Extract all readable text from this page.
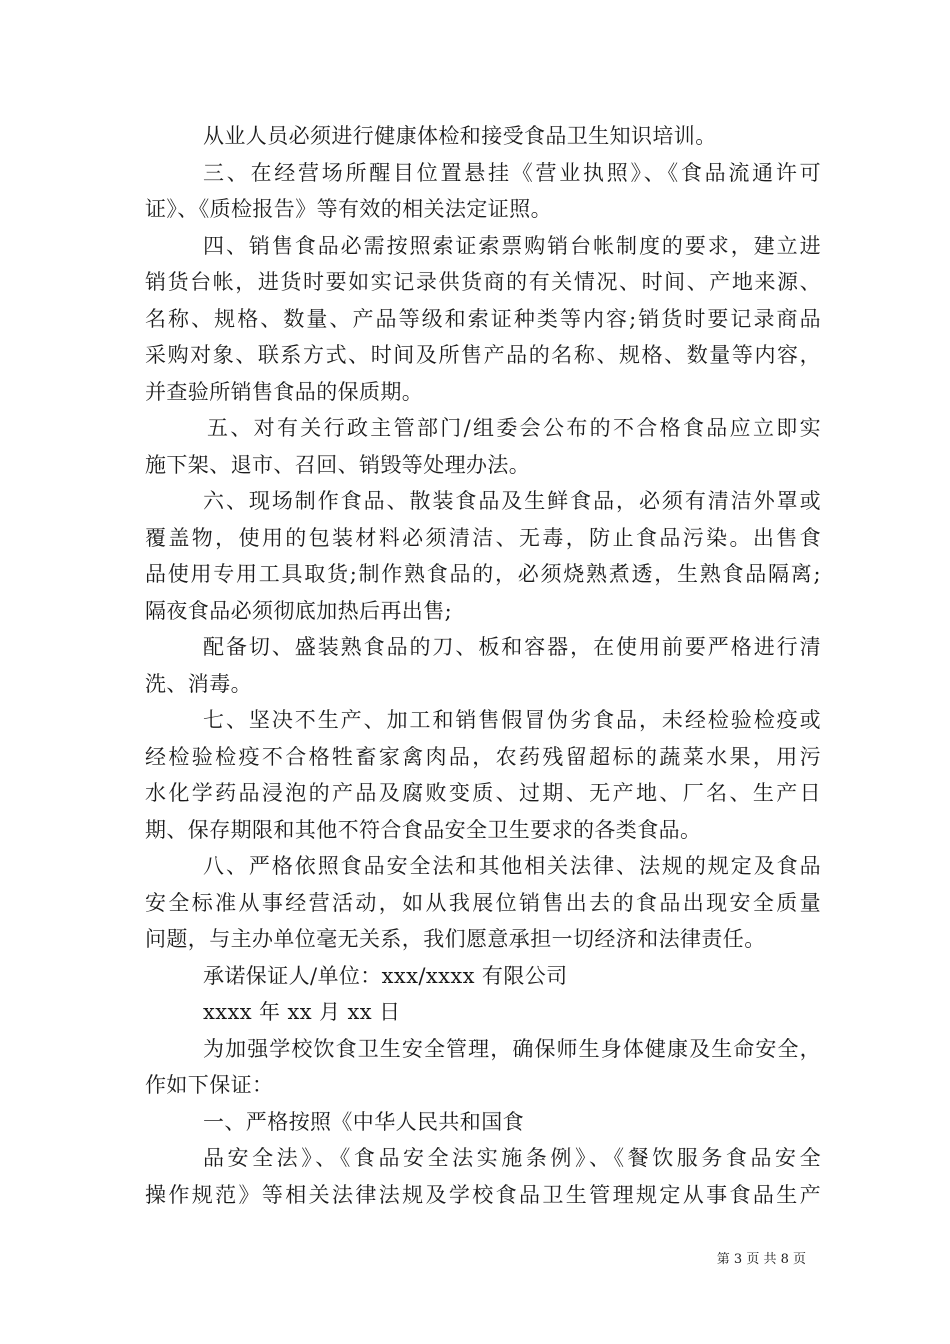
从业人员必须进行健康体检和接受食品卫生知识培训。
三、在经营场所醒目位置悬挂《营业执照》、《食品流通许可
证》、《质检报告》等有效的相关法定证照。
四、销售食品必需按照索证索票购销台帐制度的要求，建立进
销货台帐，进货时要如实记录供货商的有关情况、时间、产地来源、
名称、规格、数量、产品等级和索证种类等内容;销货时要记录商品
采购对象、联系方式、时间及所售产品的名称、规格、数量等内容，
并查验所销售食品的保质期。
五、对有关行政主管部门/组委会公布的不合格食品应立即实
施下架、退市、召回、销毁等处理办法。
六、现场制作食品、散装食品及生鲜食品，必须有清洁外罩或
覆盖物，使用的包装材料必须清洁、无毒，防止食品污染。出售食
品使用专用工具取货;制作熟食品的，必须烧熟煮透，生熟食品隔离;
隔夜食品必须彻底加热后再出售;
配备切、盛装熟食品的刀、板和容器，在使用前要严格进行清
洗、消毒。
七、坚决不生产、加工和销售假冒伪劣食品，未经检验检疫或
经检验检疫不合格牲畜家禽肉品，农药残留超标的蔬菜水果，用污
水化学药品浸泡的产品及腐败变质、过期、无产地、厂名、生产日
期、保存期限和其他不符合食品安全卫生要求的各类食品。
八、严格依照食品安全法和其他相关法律、法规的规定及食品
安全标准从事经营活动，如从我展位销售出去的食品出现安全质量
问题，与主办单位毫无关系，我们愿意承担一切经济和法律责任。
承诺保证人/单位：xxx/xxxx 有限公司
xxxx 年 xx 月 xx 日
为加强学校饮食卫生安全管理，确保师生身体健康及生命安全，
作如下保证：
一、严格按照《中华人民共和国食
品安全法》、《食品安全法实施条例》、《餐饮服务食品安全
操作规范》等相关法律法规及学校食品卫生管理规定从事食品生产
第 3 页 共 8 页
